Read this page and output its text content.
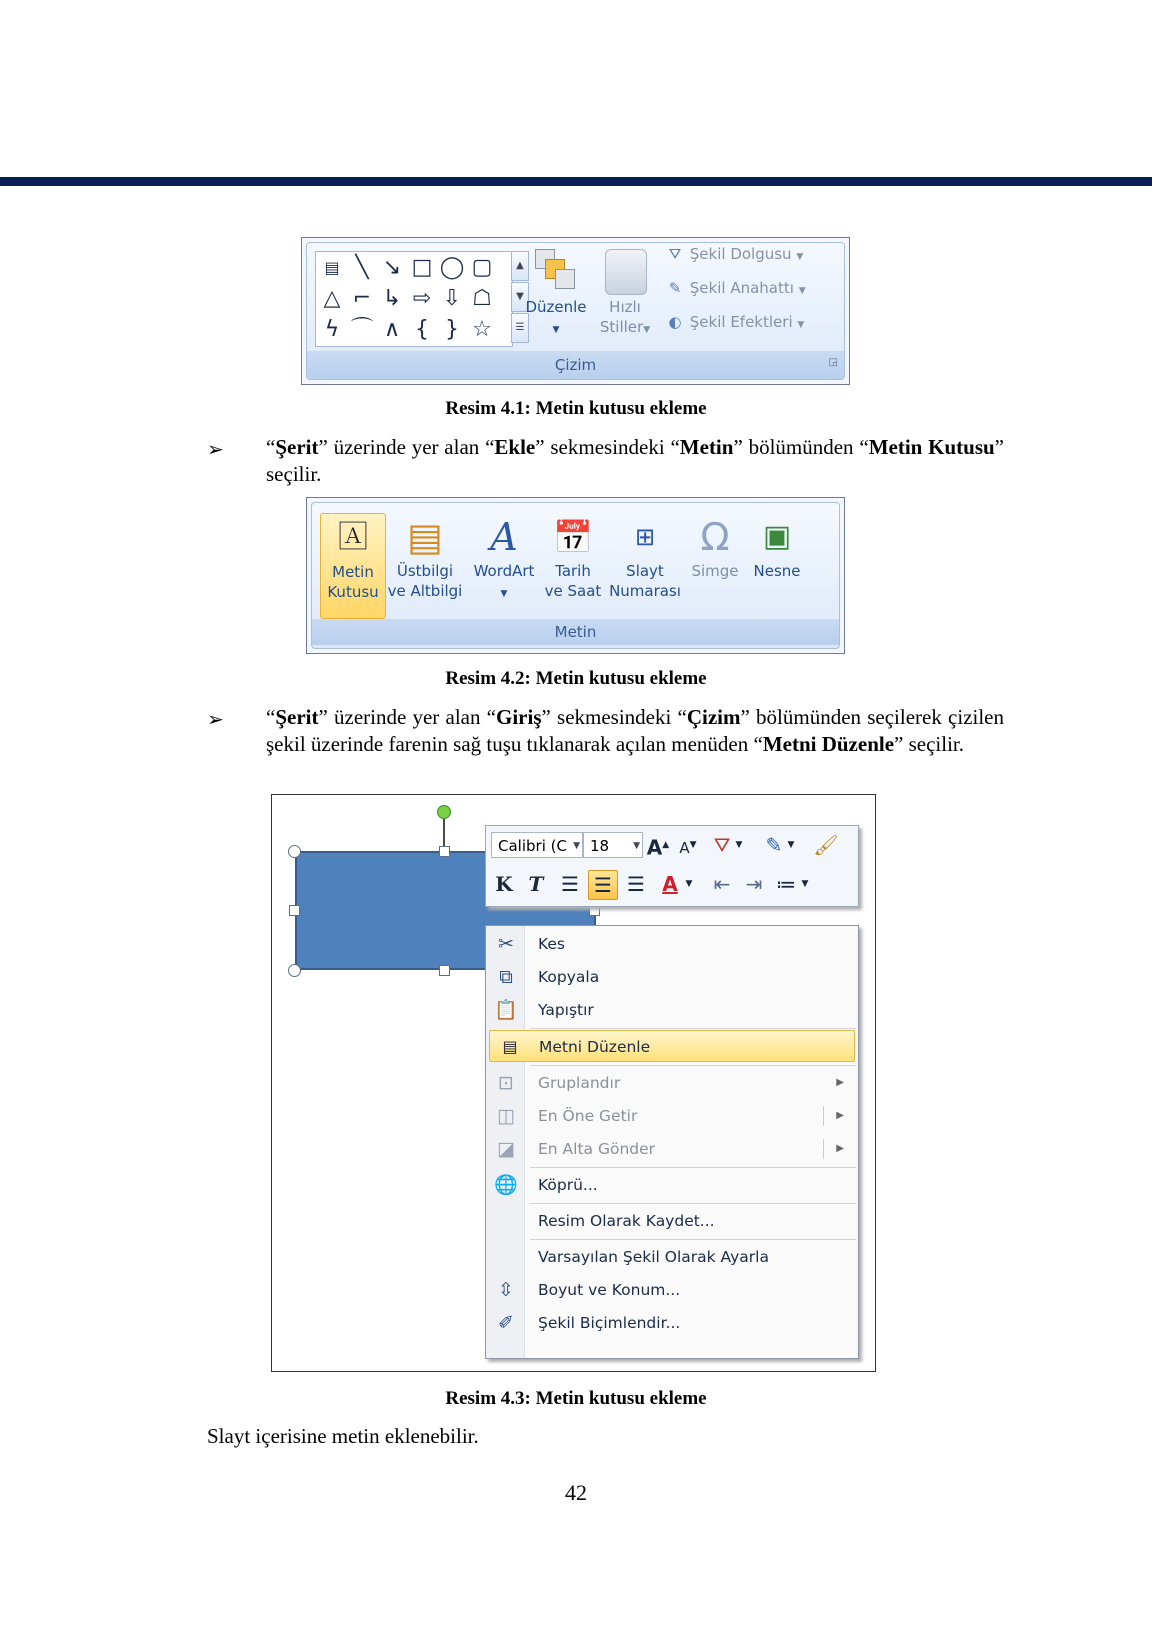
▤ ╲ ↘ □ ◯ ▢
△ ⌐ ↳ ⇨ ⇩ ☖
ϟ ⌒ ∧ { } ☆
▲
▼
☰
Düzenle
▼
Hızlı
Stiller▼
⛛ Şekil Dolgusu ▼
✎ Şekil Anahattı ▼
◐ Şekil Efektleri ▼
Çizim	◲
Resim 4.1: Metin kutusu ekleme
➢ “Şerit” üzerinde yer alan “Ekle” sekmesindeki “Metin” bölümünden “Metin Kutusu” seçilir.
🄰
Metin
Kutusu
▤
Üstbilgi
ve Altbilgi
A
WordArt
▼
📅
Tarih
ve Saat
⊞
Slayt
Numarası
Ω
Simge
▣
Nesne
Metin
Resim 4.2: Metin kutusu ekleme
➢ “Şerit” üzerinde yer alan “Giriş” sekmesindeki “Çizim” bölümünden seçilerek çizilen şekil üzerinde farenin sağ tuşu tıklanarak açılan menüden “Metni Düzenle” seçilir.
Calibri (C ▼ 18	▼ A▲ A▼ ⛛ ▼ ✎ ▼ 🖌
K T ☰ ☰ ☰ A ▼ ⇤ ⇥ ≔ ▼
✂	Kes
⧉	Kopyala
📋 Yapıştır
▤	Metni Düzenle
⊡	Gruplandır	▶
◫	En Öne Getir	▶
◪	En Alta Gönder	▶
🌐 Köprü...
Resim Olarak Kaydet...
Varsayılan Şekil Olarak Ayarla
⇳	Boyut ve Konum...
✐	Şekil Biçimlendir...
Resim 4.3: Metin kutusu ekleme
Slayt içerisine metin eklenebilir.
42
